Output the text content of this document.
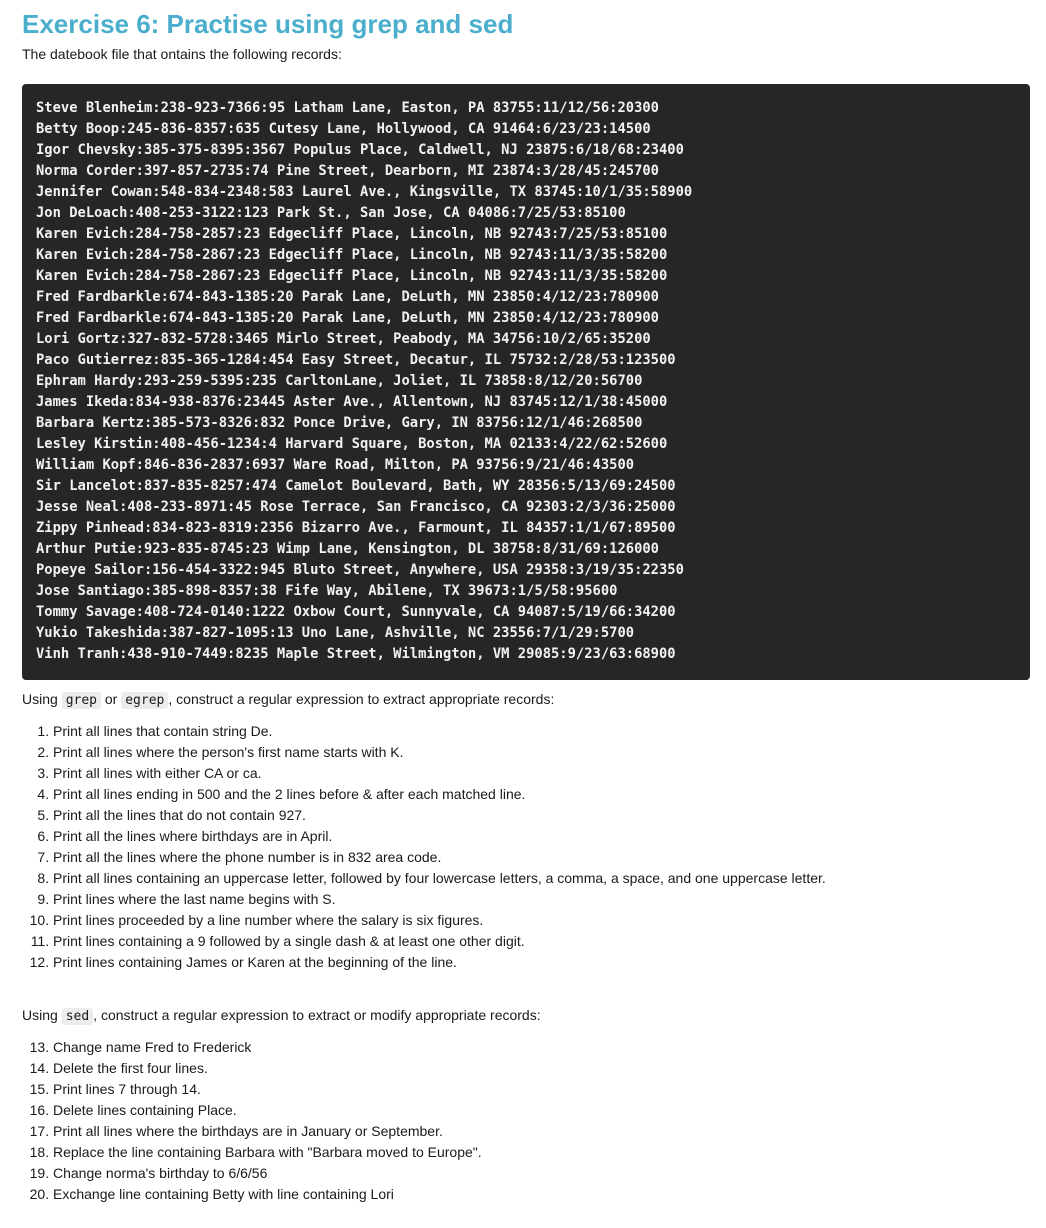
Exercise 6: Practise using grep and sed

The datebook file that ontains the following records:

Steve Blenheim:238-923-7366:95 Latham Lane, Easton, PA 83755:11/12/56:20300
Betty Boop:245-836-8357:635 Cutesy Lane, Hollywood, CA 91464:6/23/23:14500
Igor Chevsky:385-375-8395:3567 Populus Place, Caldwell, NJ 23875:6/18/68:23400
Norma Corder:397-857-2735:74 Pine Street, Dearborn, MI 23874:3/28/45:245700
Jennifer Cowan:548-834-2348:583 Laurel Ave., Kingsville, TX 83745:10/1/35:58900
Jon DeLoach:408-253-3122:123 Park St., San Jose, CA 04086:7/25/53:85100
Karen Evich:284-758-2857:23 Edgecliff Place, Lincoln, NB 92743:7/25/53:85100
Karen Evich:284-758-2867:23 Edgecliff Place, Lincoln, NB 92743:11/3/35:58200
Karen Evich:284-758-2867:23 Edgecliff Place, Lincoln, NB 92743:11/3/35:58200
Fred Fardbarkle:674-843-1385:20 Parak Lane, DeLuth, MN 23850:4/12/23:780900
Fred Fardbarkle:674-843-1385:20 Parak Lane, DeLuth, MN 23850:4/12/23:780900
Lori Gortz:327-832-5728:3465 Mirlo Street, Peabody, MA 34756:10/2/65:35200
Paco Gutierrez:835-365-1284:454 Easy Street, Decatur, IL 75732:2/28/53:123500
Ephram Hardy:293-259-5395:235 CarltonLane, Joliet, IL 73858:8/12/20:56700
James Ikeda:834-938-8376:23445 Aster Ave., Allentown, NJ 83745:12/1/38:45000
Barbara Kertz:385-573-8326:832 Ponce Drive, Gary, IN 83756:12/1/46:268500
Lesley Kirstin:408-456-1234:4 Harvard Square, Boston, MA 02133:4/22/62:52600
William Kopf:846-836-2837:6937 Ware Road, Milton, PA 93756:9/21/46:43500
Sir Lancelot:837-835-8257:474 Camelot Boulevard, Bath, WY 28356:5/13/69:24500
Jesse Neal:408-233-8971:45 Rose Terrace, San Francisco, CA 92303:2/3/36:25000
Zippy Pinhead:834-823-8319:2356 Bizarro Ave., Farmount, IL 84357:1/1/67:89500
Arthur Putie:923-835-8745:23 Wimp Lane, Kensington, DL 38758:8/31/69:126000
Popeye Sailor:156-454-3322:945 Bluto Street, Anywhere, USA 29358:3/19/35:22350
Jose Santiago:385-898-8357:38 Fife Way, Abilene, TX 39673:1/5/58:95600
Tommy Savage:408-724-0140:1222 Oxbow Court, Sunnyvale, CA 94087:5/19/66:34200
Yukio Takeshida:387-827-1095:13 Uno Lane, Ashville, NC 23556:7/1/29:5700
Vinh Tranh:438-910-7449:8235 Maple Street, Wilmington, VM 29085:9/23/63:68900

Using grep or egrep , construct a regular expression to extract appropriate records:

1. Print all lines that contain string De.
2. Print all lines where the person's first name starts with K.
3. Print all lines with either CA or ca.
4. Print all lines ending in 500 and the 2 lines before & after each matched line.
5. Print all the lines that do not contain 927.
6. Print all the lines where birthdays are in April.
7. Print all the lines where the phone number is in 832 area code.
8. Print all lines containing an uppercase letter, followed by four lowercase letters, a comma, a space, and one uppercase letter.
9. Print lines where the last name begins with S.
10. Print lines proceeded by a line number where the salary is six figures.
11. Print lines containing a 9 followed by a single dash & at least one other digit.
12. Print lines containing James or Karen at the beginning of the line.

Using sed , construct a regular expression to extract or modify appropriate records:

13. Change name Fred to Frederick
14. Delete the first four lines.
15. Print lines 7 through 14.
16. Delete lines containing Place.
17. Print all lines where the birthdays are in January or September.
18. Replace the line containing Barbara with "Barbara moved to Europe".
19. Change norma's birthday to 6/6/56
20. Exchange line containing Betty with line containing Lori
